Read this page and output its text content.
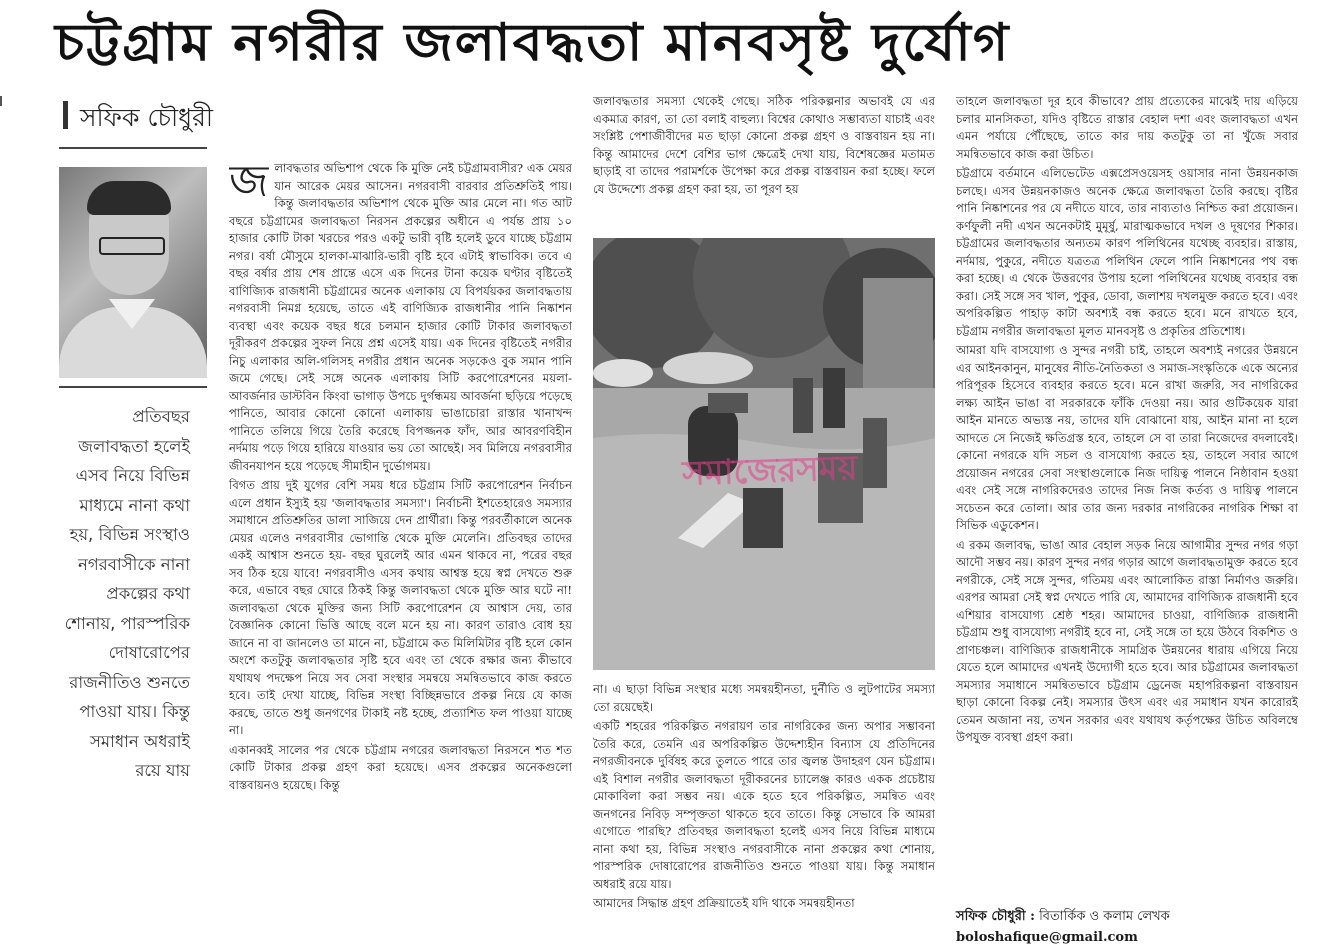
চট্টগ্রাম নগরীর জলাবদ্ধতা মানবসৃষ্ট দুর্যোগ
সফিক চৌধুরী
প্রতিবছর জলাবদ্ধতা হলেই এসব নিয়ে বিভিন্ন মাধ্যমে নানা কথা হয়, বিভিন্ন সংস্থাও নগরবাসীকে নানা প্রকল্পের কথা শোনায়, পারস্পরিক দোষারোপের রাজনীতিও শুনতে পাওয়া যায়। কিন্তু সমাধান অধরাই রয়ে যায়

জলাবদ্ধতার অভিশাপ থেকে কি মুক্তি নেই চট্টগ্রামবাসীর? এক মেয়র যান আরেক মেয়র আসেন। নগরবাসী বারবার প্রতিশ্রুতিই পায়। কিন্তু জলাবদ্ধতার অভিশাপ থেকে মুক্তি আর মেলে না। গত আট বছরে চট্টগ্রামের জলাবদ্ধতা নিরসন প্রকল্পের অধীনে এ পর্যন্ত প্রায় ১০ হাজার কোটি টাকা খরচের পরও একটু ভারী বৃষ্টি হলেই ডুবে যাচ্ছে চট্টগ্রাম নগর। বর্ষা মৌসুমে হালকা-মাঝারি-ভারী বৃষ্টি হবে এটাই স্বাভাবিক। তবে এ বছর বর্ষার প্রায় শেষ প্রান্তে এসে এক দিনের টানা কয়েক ঘণ্টার বৃষ্টিতেই বাণিজ্যিক রাজধানী চট্টগ্রামের অনেক এলাকায় যে বিপর্যয়কর জলাবদ্ধতায় নগরবাসী নিমগ্ন হয়েছে, তাতে এই বাণিজ্যিক রাজধানীর পানি নিষ্কাশন ব্যবস্থা এবং কয়েক বছর ধরে চলমান হাজার কোটি টাকার জলাবদ্ধতা দূরীকরণ প্রকল্পের সুফল নিয়ে প্রশ্ন এসেই যায়। এক দিনের বৃষ্টিতেই নগরীর নিচু এলাকার অলি-গলিসহ নগরীর প্রধান অনেক সড়কেও বুক সমান পানি জমে গেছে। সেই সঙ্গে অনেক এলাকায় সিটি করপোরেশনের ময়লা-আবর্জনার ডাস্টবিন কিংবা ভাগাড় উপচে দুর্গন্ধময় আবর্জনা ছড়িয়ে পড়েছে পানিতে, আবার কোনো কোনো এলাকায় ভাঙাচোরা রাস্তার খানাখন্দ পানিতে তলিয়ে গিয়ে তৈরি করেছে বিপজ্জনক ফাঁদ, আর আবরণবিহীন নর্দমায় পড়ে গিয়ে হারিয়ে যাওয়ার ভয় তো আছেই। সব মিলিয়ে নগরবাসীর জীবনযাপন হয়ে পড়েছে সীমাহীন দুর্ভোগময়।

বিগত প্রায় দুই যুগের বেশি সময় ধরে চট্টগ্রাম সিটি করপোরেশন নির্বাচন এলে প্রধান ইস্যুই হয় 'জলাবদ্ধতার সমস্যা'। নির্বাচনী ইশতেহারেও সমস্যার সমাধানে প্রতিশ্রুতির ডালা সাজিয়ে দেন প্রার্থীরা। কিন্তু পরবর্তীকালে অনেক মেয়র এলেও নগরবাসীর ভোগান্তি থেকে মুক্তি মেলেনি। প্রতিবছর তাদের একই আশ্বাস শুনতে হয়- বছর ঘুরলেই আর এমন থাকবে না, পরের বছর সব ঠিক হয়ে যাবে! নগরবাসীও এসব কথায় আশ্বস্ত হয়ে স্বপ্ন দেখতে শুরু করে, এভাবে বছর ঘোরে ঠিকই কিন্তু জলাবদ্ধতা থেকে মুক্তি আর ঘটে না! জলাবদ্ধতা থেকে মুক্তির জন্য সিটি করপোরেশন যে আশ্বাস দেয়, তার বৈজ্ঞানিক কোনো ভিত্তি আছে বলে মনে হয় না। কারণ তারাও বোধ হয় জানে না বা জানলেও তা মানে না, চট্টগ্রামে কত মিলিমিটার বৃষ্টি হলে কোন অংশে কতটুকু জলাবদ্ধতার সৃষ্টি হবে এবং তা থেকে রক্ষার জন্য কীভাবে যথাযথ পদক্ষেপ নিয়ে সব সেবা সংস্থার সমন্বয়ে সমন্বিতভাবে কাজ করতে হবে। তাই দেখা যাচ্ছে, বিভিন্ন সংস্থা বিচ্ছিন্নভাবে প্রকল্প নিয়ে যে কাজ করছে, তাতে শুধু জনগণের টাকাই নষ্ট হচ্ছে, প্রত্যাশিত ফল পাওয়া যাচ্ছে না।

একানব্বই সালের পর থেকে চট্টগ্রাম নগরের জলাবদ্ধতা নিরসনে শত শত কোটি টাকার প্রকল্প গ্রহণ করা হয়েছে। এসব প্রকল্পের অনেকগুলো বাস্তবায়নও হয়েছে। কিন্তু

জলাবদ্ধতার সমস্যা থেকেই গেছে। সঠিক পরিকল্পনার অভাবই যে এর একমাত্র কারণ, তা তো বলাই বাহুল্য। বিশ্বের কোথাও সম্ভাব্যতা যাচাই এবং সংশ্লিষ্ট পেশাজীবীদের মত ছাড়া কোনো প্রকল্প গ্রহণ ও বাস্তবায়ন হয় না। কিন্তু আমাদের দেশে বেশির ভাগ ক্ষেত্রেই দেখা যায়, বিশেষজ্ঞের মতামত ছাড়াই বা তাদের পরামর্শকে উপেক্ষা করে প্রকল্প বাস্তবায়ন করা হচ্ছে। ফলে যে উদ্দেশ্যে প্রকল্প গ্রহণ করা হয়, তা পূরণ হয়

সমাজেরসময়

না। এ ছাড়া বিভিন্ন সংস্থার মধ্যে সমন্বয়হীনতা, দুর্নীতি ও লুটপাটের সমস্যা তো রয়েছেই।

একটি শহরের পরিকল্পিত নগরায়ণ তার নাগরিকের জন্য অপার সম্ভাবনা তৈরি করে, তেমনি এর অপরিকল্পিত উদ্দেশ্যহীন বিন্যাস যে প্রতিদিনের নগরজীবনকে দুর্বিষহ করে তুলতে পারে তার জ্বলন্ত উদাহরণ যেন চট্টগ্রাম। এই বিশাল নগরীর জলাবদ্ধতা দূরীকরনের চ্যালেঞ্জ কারও একক প্রচেষ্টায় মোকাবিলা করা সম্ভব নয়। একে হতে হবে পরিকল্পিত, সমন্বিত এবং জনগনের নিবিড় সম্পৃক্ততা থাকতে হবে তাতে। কিন্তু সেভাবে কি আমরা এগোতে পারছি? প্রতিবছর জলাবদ্ধতা হলেই এসব নিয়ে বিভিন্ন মাধ্যমে নানা কথা হয়, বিভিন্ন সংস্থাও নগরবাসীকে নানা প্রকল্পের কথা শোনায়, পারস্পরিক দোষারোপের রাজনীতিও শুনতে পাওয়া যায়। কিন্তু সমাধান অধরাই রয়ে যায়।

আমাদের সিদ্ধান্ত গ্রহণ প্রক্রিয়াতেই যদি থাকে সমন্বয়হীনতা

তাহলে জলাবদ্ধতা দূর হবে কীভাবে? প্রায় প্রত্যেকের মাঝেই দায় এড়িয়ে চলার মানসিকতা, যদিও বৃষ্টিতে রাস্তার বেহাল দশা এবং জলাবদ্ধতা এখন এমন পর্যায়ে পৌঁছেছে, তাতে কার দায় কতটুকু তা না খুঁজে সবার সমন্বিতভাবে কাজ করা উচিত।

চট্টগ্রামে বর্তমানে এলিভেটেড এক্সপ্রেসওয়েসহ ওয়াসার নানা উন্নয়নকাজ চলছে। এসব উন্নয়নকাজও অনেক ক্ষেত্রে জলাবদ্ধতা তৈরি করছে। বৃষ্টির পানি নিষ্কাশনের পর যে নদীতে যাবে, তার নাব্যতাও নিশ্চিত করা প্রয়োজন। কর্ণফুলী নদী এখন অনেকটাই মুমূর্ষু, মারাত্মকভাবে দখল ও দূষণের শিকার। চট্টগ্রামের জলাবদ্ধতার অন্যতম কারণ পলিথিনের যথেচ্ছ ব্যবহার। রাস্তায়, নর্দমায়, পুকুরে, নদীতে যত্রতত্র পলিথিন ফেলে পানি নিষ্কাশনের পথ বন্ধ করা হচ্ছে। এ থেকে উত্তরণের উপায় হলো পলিথিনের যথেচ্ছ ব্যবহার বন্ধ করা। সেই সঙ্গে সব খাল, পুকুর, ডোবা, জলাশয় দখলমুক্ত করতে হবে। এবং অপরিকল্পিত পাহাড় কাটা অবশ্যই বন্ধ করতে হবে। মনে রাখতে হবে, চট্টগ্রাম নগরীর জলাবদ্ধতা মূলত মানবসৃষ্ট ও প্রকৃতির প্রতিশোধ।

আমরা যদি বাসযোগ্য ও সুন্দর নগরী চাই, তাহলে অবশ্যই নগরের উন্নয়নে এর আইনকানুন, মানুষের নীতি-নৈতিকতা ও সমাজ-সংস্কৃতিকে একে অন্যের পরিপূরক হিসেবে ব্যবহার করতে হবে। মনে রাখা জরুরি, সব নাগরিকের লক্ষ্য আইন ভাঙা বা সরকারকে ফাঁকি দেওয়া নয়। আর গুটিকয়েক যারা আইন মানতে অভ্যস্ত নয়, তাদের যদি বোঝানো যায়, আইন মানা না হলে আদতে সে নিজেই ক্ষতিগ্রস্ত হবে, তাহলে সে বা তারা নিজেদের বদলাবেই। কোনো নগরকে যদি সচল ও বাসযোগ্য করতে হয়, তাহলে সবার আগে প্রয়োজন নগরের সেবা সংস্থাগুলোকে নিজ দায়িত্ব পালনে নিষ্ঠাবান হওয়া এবং সেই সঙ্গে নাগরিকদেরও তাদের নিজ নিজ কর্তব্য ও দায়িত্ব পালনে সচেতন করে তোলা। আর তার জন্য দরকার নাগরিকের নাগরিক শিক্ষা বা সিভিক এডুকেশন।

এ রকম জলাবদ্ধ, ভাঙা আর বেহাল সড়ক নিয়ে আগামীর সুন্দর নগর গড়া আদৌ সম্ভব নয়। কারণ সুন্দর নগর গড়ার আগে জলাবদ্ধতামুক্ত করতে হবে নগরীকে, সেই সঙ্গে সুন্দর, গতিময় এবং আলোকিত রাস্তা নির্মাণও জরুরি। এরপর আমরা সেই স্বপ্ন দেখতে পারি যে, আমাদের বাণিজ্যিক রাজধানী হবে এশিয়ার বাসযোগ্য শ্রেষ্ঠ শহর। আমাদের চাওয়া, বাণিজ্যিক রাজধানী চট্টগ্রাম শুধু বাসযোগ্য নগরীই হবে না, সেই সঙ্গে তা হয়ে উঠবে বিকশিত ও প্রাণচঞ্চল। বাণিজ্যিক রাজধানীকে সামগ্রিক উন্নয়নের ধারায় এগিয়ে নিয়ে যেতে হলে আমাদের এখনই উদ্যোগী হতে হবে। আর চট্টগ্রামের জলাবদ্ধতা সমস্যার সমাধানে সমন্বিতভাবে চট্টগ্রাম ড্রেনেজ মহাপরিকল্পনা বাস্তবায়ন ছাড়া কোনো বিকল্প নেই। সমস্যার উৎস এবং এর সমাধান যখন কারোরই তেমন অজানা নয়, তখন সরকার এবং যথাযথ কর্তৃপক্ষের উচিত অবিলম্বে উপযুক্ত ব্যবস্থা গ্রহণ করা।

সফিক চৌধুরী : বিতার্কিক ও কলাম লেখক
boloshafique@gmail.com
